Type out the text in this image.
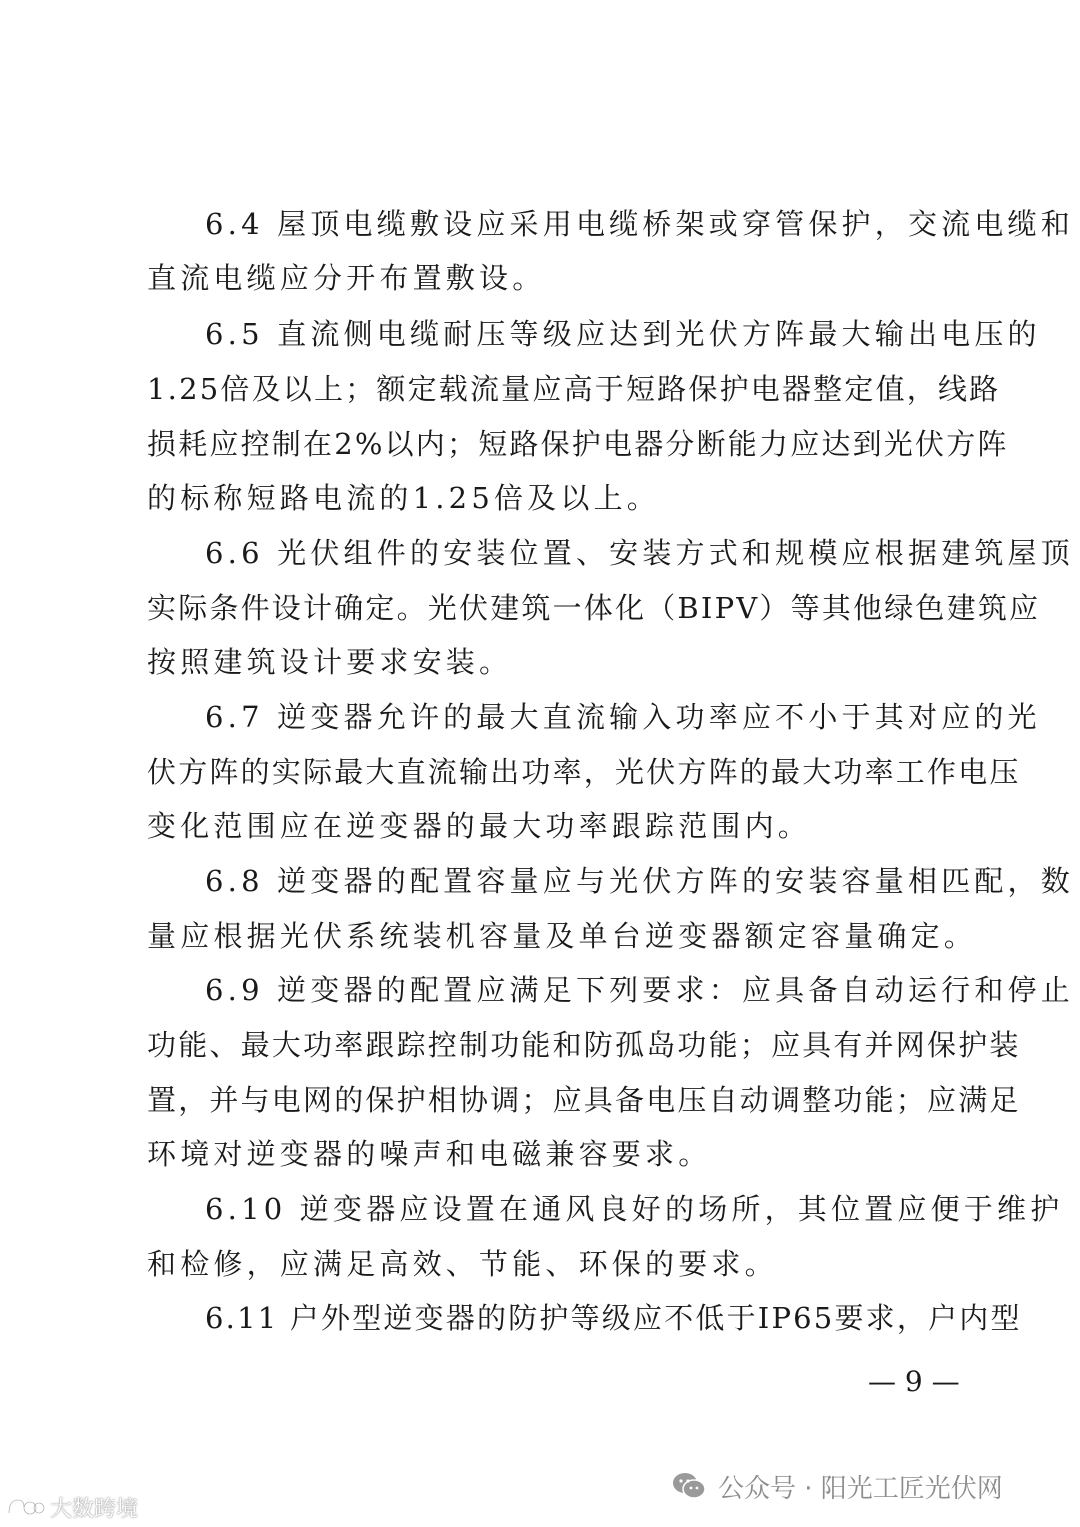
6.4 屋顶电缆敷设应采用电缆桥架或穿管保护，交流电缆和
直流电缆应分开布置敷设。
6.5 直流侧电缆耐压等级应达到光伏方阵最大输出电压的
1.25倍及以上；额定载流量应高于短路保护电器整定值，线路
损耗应控制在2%以内；短路保护电器分断能力应达到光伏方阵
的标称短路电流的1.25倍及以上。
6.6 光伏组件的安装位置、安装方式和规模应根据建筑屋顶
实际条件设计确定。光伏建筑一体化（BIPV）等其他绿色建筑应
按照建筑设计要求安装。
6.7 逆变器允许的最大直流输入功率应不小于其对应的光
伏方阵的实际最大直流输出功率，光伏方阵的最大功率工作电压
变化范围应在逆变器的最大功率跟踪范围内。
6.8 逆变器的配置容量应与光伏方阵的安装容量相匹配，数
量应根据光伏系统装机容量及单台逆变器额定容量确定。
6.9 逆变器的配置应满足下列要求：应具备自动运行和停止
功能、最大功率跟踪控制功能和防孤岛功能；应具有并网保护装
置，并与电网的保护相协调；应具备电压自动调整功能；应满足
环境对逆变器的噪声和电磁兼容要求。
6.10 逆变器应设置在通风良好的场所，其位置应便于维护
和检修，应满足高效、节能、环保的要求。
6.11 户外型逆变器的防护等级应不低于IP65要求，户内型
— 9 —
公众号 · 阳光工匠光伏网
大数跨境
